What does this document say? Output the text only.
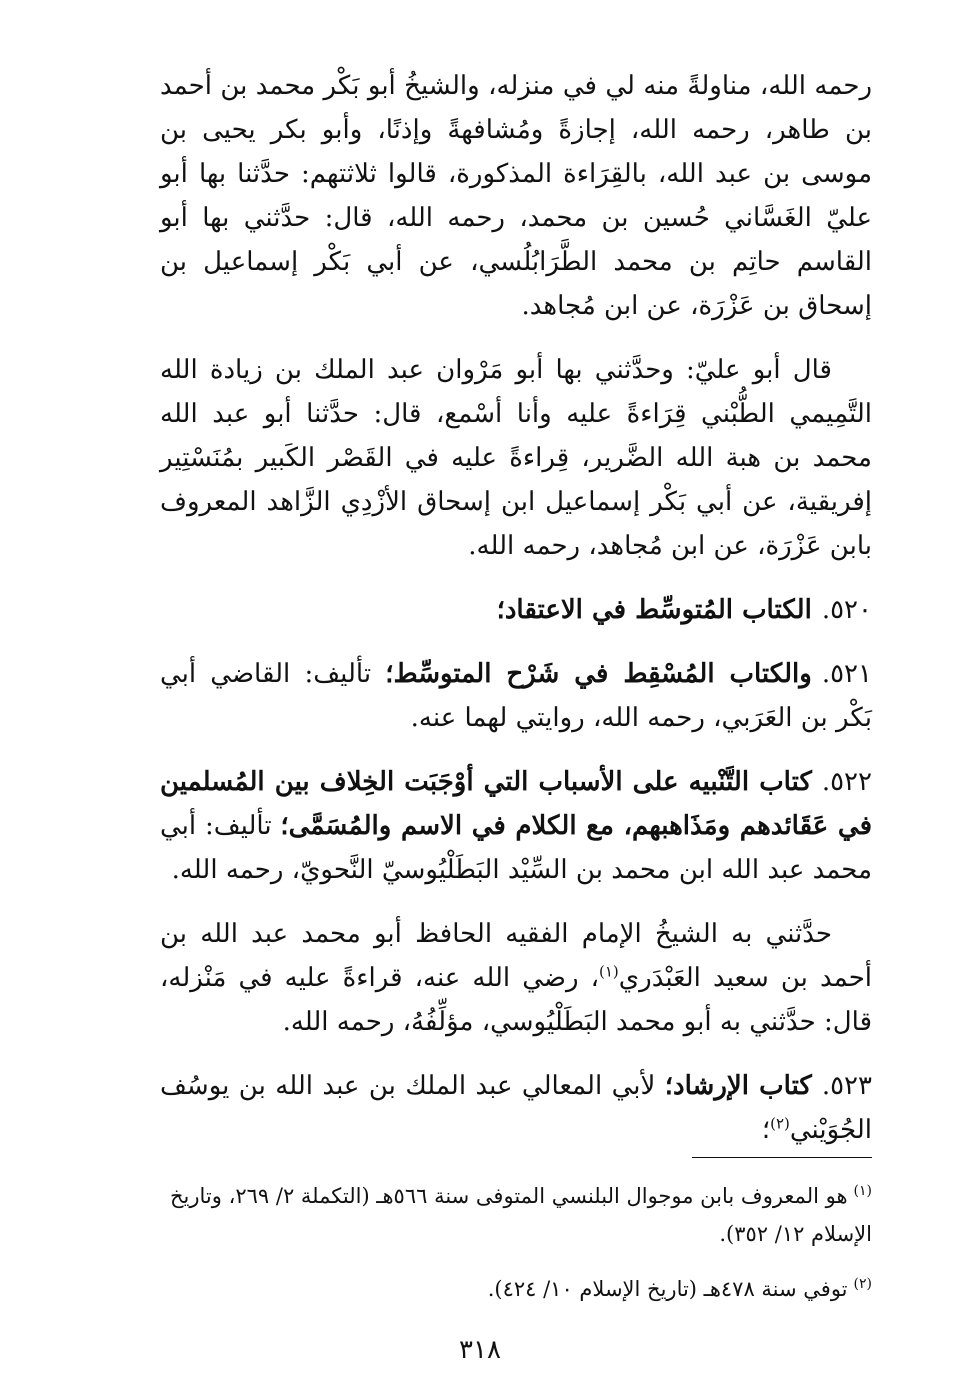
رحمه الله، مناولةً منه لي في منزله، والشيخُ أبو بَكْر محمد بن أحمد بن طاهر، رحمه الله، إجازةً ومُشافهةً وإذنًا، وأبو بكر يحيى بن موسى بن عبد الله، بالقِرَاءة المذكورة، قالوا ثلاثتهم: حدَّثنا بها أبو عليّ الغَسَّاني حُسين بن محمد، رحمه الله، قال: حدَّثني بها أبو القاسم حاتِم بن محمد الطَّرَابُلُسي، عن أبي بَكْر إسماعيل بن إسحاق بن عَزْرَة، عن ابن مُجاهد.

قال أبو عليّ: وحدَّثني بها أبو مَرْوان عبد الملك بن زيادة الله التَّمِيمي الطُّبْني قِرَاءةً عليه وأنا أسْمع، قال: حدَّثنا أبو عبد الله محمد بن هبة الله الضَّرير، قِراءةً عليه في القَصْر الكَبير بمُنَسْتِير إفريقية، عن أبي بَكْر إسماعيل ابن إسحاق الأزْدِي الزَّاهد المعروف بابن عَزْرَة، عن ابن مُجاهد، رحمه الله.

٥٢٠.الكتاب المُتوسِّط في الاعتقاد؛

٥٢١.والكتاب المُسْقِط في شَرْح المتوسِّط؛ تأليف: القاضي أبي بَكْر بن العَرَبي، رحمه الله، روايتي لهما عنه.

٥٢٢.كتاب التَّنْبيه على الأسباب التي أوْجَبَت الخِلاف بين المُسلمين في عَقَائدهم ومَذَاهبهم، مع الكلام في الاسم والمُسَمَّى؛ تأليف: أبي محمد عبد الله ابن محمد بن السِّيْد البَطَلْيُوسيّ النَّحويّ، رحمه الله.

حدَّثني به الشيخُ الإمام الفقيه الحافظ أبو محمد عبد الله بن أحمد بن سعيد العَبْدَري$^{(١)}$، رضي الله عنه، قراءةً عليه في مَنْزله، قال: حدَّثني به أبو محمد البَطَلْيُوسي، مؤلِّفُهُ، رحمه الله.

٥٢٣.كتاب الإرشاد؛ لأبي المعالي عبد الملك بن عبد الله بن يوسُف الجُوَيْني$^{(٢)}$؛

$^{(١)}$هو المعروف بابن موجوال البلنسي المتوفى سنة ٥٦٦هـ (التكملة ٢/ ٢٦٩، وتاريخ الإسلام ١٢/ ٣٥٢).

$^{(٢)}$توفي سنة ٤٧٨هـ (تاريخ الإسلام ١٠/ ٤٢٤).

٣١٨
